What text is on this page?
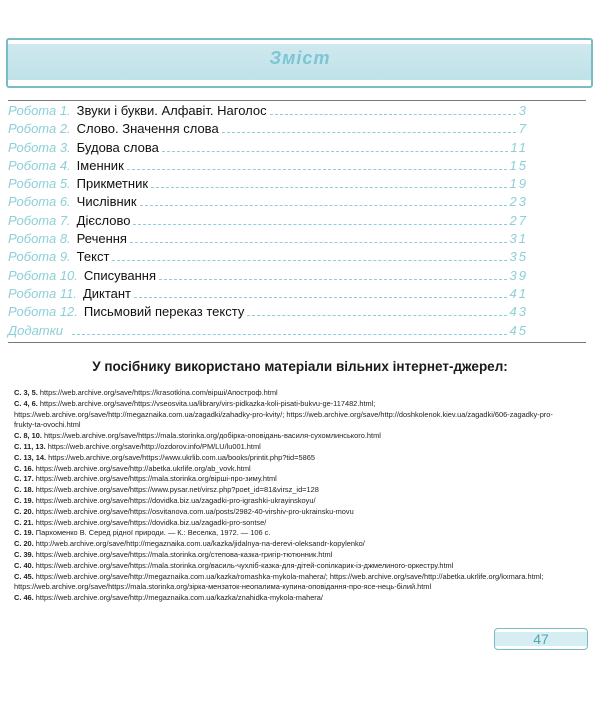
Зміст
Робота 1. Звуки і букви. Алфавіт. Наголос	3
Робота 2. Слово. Значення слова	7
Робота 3. Будова слова	11
Робота 4. Іменник	15
Робота 5. Прикметник	19
Робота 6. Числівник	23
Робота 7. Дієслово	27
Робота 8. Речення	31
Робота 9. Текст	35
Робота 10. Списування	39
Робота 11. Диктант	41
Робота 12. Письмовий переказ тексту	43
Додатки	45
У посібнику використано матеріали вільних інтернет-джерел:
С. 3, 5. https://web.archive.org/save/https://krasotkina.com/вірші/Апостроф.html
С. 4, 6. https://web.archive.org/save/https://vseosvita.ua/library/virs-pidkazka-koli-pisati-bukvu-ge-117482.html; https://web.archive.org/save/http://megaznaika.com.ua/zagadki/zahadky-pro-kvity/; https://web.archive.org/save/http://doshkolenok.kiev.ua/zagadki/606-zagadky-pro-frukty-ta-ovochi.html
С. 8, 10. https://web.archive.org/save/https://mala.storinka.org/добірка-оповідань-василя-сухомлинського.html
С. 11, 13. https://web.archive.org/save/http://ozdorov.info/PM/LU/lu001.html
С. 13, 14. https://web.archive.org/save/https://www.ukrlib.com.ua/books/printit.php?tid=5865
С. 16. https://web.archive.org/save/http://abetka.ukrlife.org/ab_vovk.html
С. 17. https://web.archive.org/save/https://mala.storinka.org/вірші-про-зиму.html
С. 18. https://web.archive.org/save/https://www.pysar.net/virsz.php?poet_id=81&virsz_id=128
С. 19. https://web.archive.org/save/https://dovidka.biz.ua/zagadki-pro-igrashki-ukrayinskoyu/
С. 20. https://web.archive.org/save/https://osvitanova.com.ua/posts/2982-40-virshiv-pro-ukrainsku-movu
С. 21. https://web.archive.org/save/https://dovidka.biz.ua/zagadki-pro-sontse/
С. 19. Пархоменко В. Серед рідної природи. — К.: Веселка, 1972. — 106 с.
С. 20. http://web.archive.org/save/http://megaznaika.com.ua/kazka/jidalnya-na-derevi-oleksandr-kopylenko/
С. 39. https://web.archive.org/save/https://mala.storinka.org/степова-казка-григір-тютюнник.html
С. 40. https://web.archive.org/save/https://mala.storinka.org/василь-чухліб-казка-для-дітей-сопілкарик-із-джмелиного-оркестру.html
С. 45. https://web.archive.org/save/http://megaznaika.com.ua/kazka/romashka-mykola-mahera/; https://web.archive.org/save/http://abetka.ukrlife.org/kxmara.html; https://web.archive.org/save/https://mala.storinka.org/зірка-мензаток-неопалима-купина-оповідання-про-ясе-нець-білий.html
С. 46. https://web.archive.org/save/http://megaznaika.com.ua/kazka/znahidka-mykola-mahera/
47
